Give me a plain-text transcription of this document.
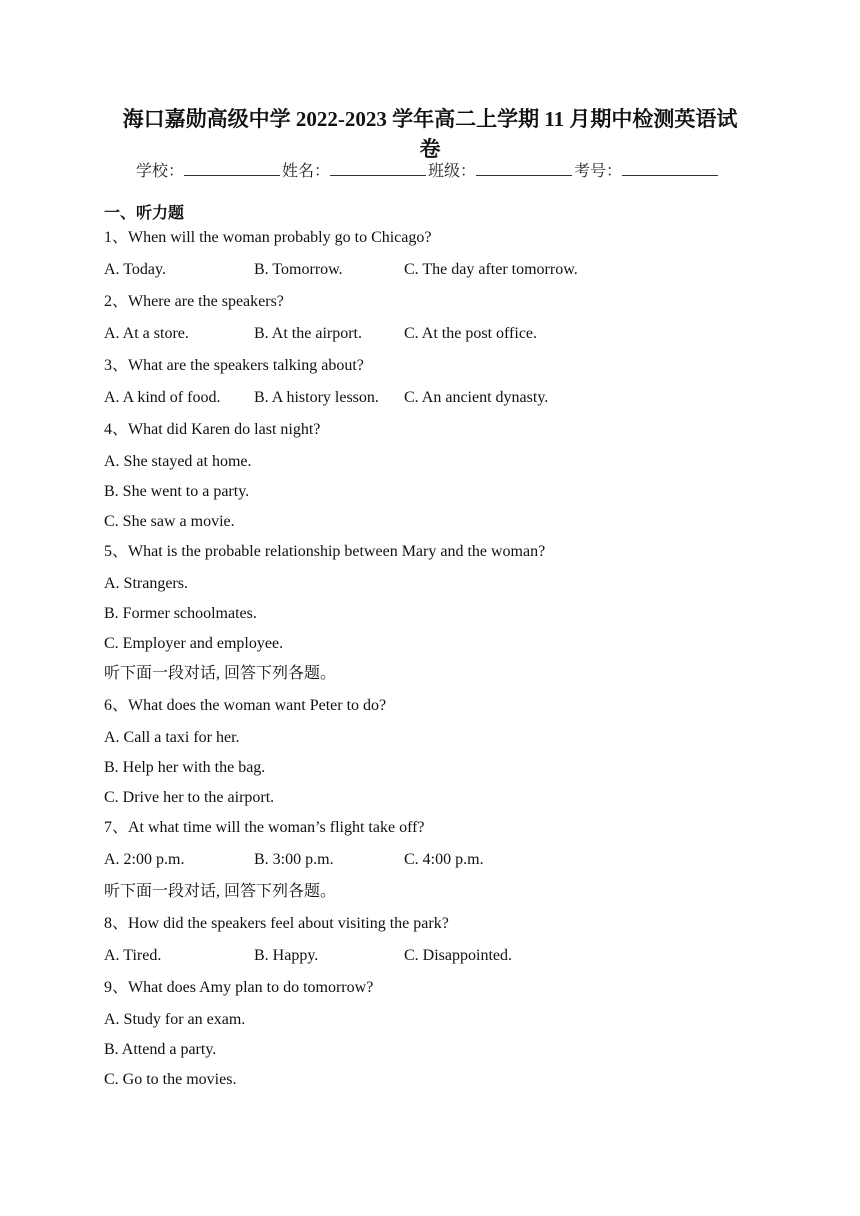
海口嘉勋高级中学 2022-2023 学年高二上学期 11 月期中检测英语试
卷
学校：	姓名：	班级：	考号：
一、听力题
1、When will the woman probably go to Chicago?
A. Today.	B. Tomorrow.	C. The day after tomorrow.
2、Where are the speakers?
A. At a store.	B. At the airport.	C. At the post office.
3、What are the speakers talking about?
A. A kind of food. B. A history lesson. C. An ancient dynasty.
4、What did Karen do last night?
A. She stayed at home.
B. She went to a party.
C. She saw a movie.
5、What is the probable relationship between Mary and the woman?
A. Strangers.
B. Former schoolmates.
C. Employer and employee.
听下面一段对话, 回答下列各题。
6、What does the woman want Peter to do?
A. Call a taxi for her.
B. Help her with the bag.
C. Drive her to the airport.
7、At what time will the woman’s flight take off?
A. 2:00 p.m.	B. 3:00 p.m.	C. 4:00 p.m.
听下面一段对话, 回答下列各题。
8、How did the speakers feel about visiting the park?
A. Tired.	B. Happy.	C. Disappointed.
9、What does Amy plan to do tomorrow?
A. Study for an exam.
B. Attend a party.
C. Go to the movies.
